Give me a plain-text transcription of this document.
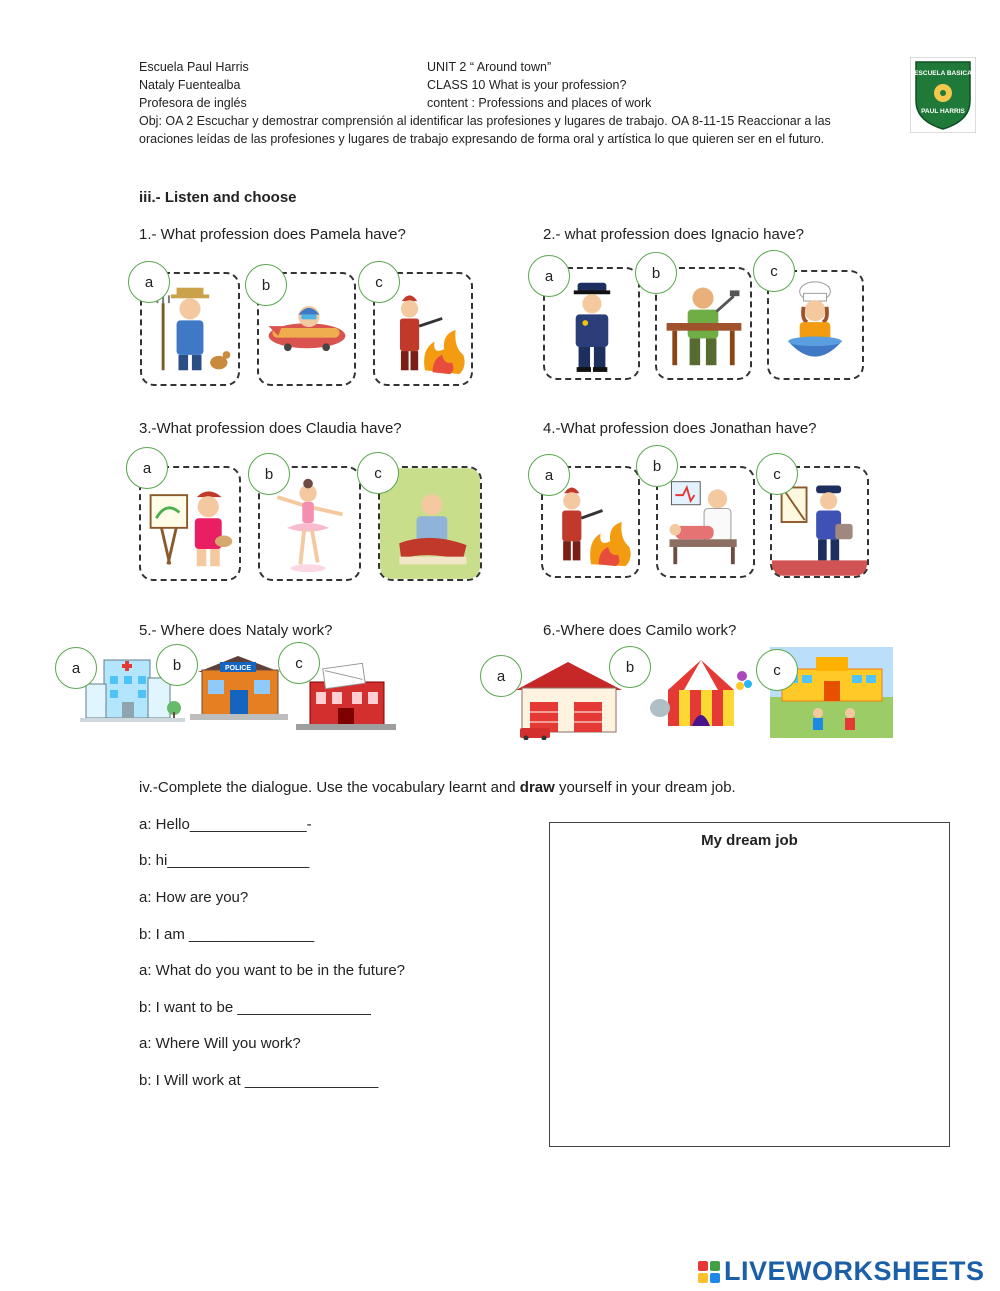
Escuela Paul Harris
Nataly Fuentealba
Profesora de inglés
UNIT 2 “ Around town”
CLASS 10 What is your profession?
content : Professions and places of work
Obj: OA 2 Escuchar y demostrar comprensión al identificar las profesiones y lugares de trabajo. OA 8-11-15 Reaccionar a las oraciones leídas de las profesiones y lugares de trabajo expresando de forma oral y artística lo que quieren ser en el futuro.
ESCUELA BASICA
PAUL HARRIS
iii.- Listen and choose
1.- What profession does Pamela have?
a	b	c
2.- what profession does Ignacio have?
a	b	c
3.-What profession does Claudia have?
a	b	c
4.-What profession does Jonathan have?
a
b	c
5.- Where does Nataly work?
POLICE
a	b	c
6.-Where does Camilo work?
a
b	c
iv.-Complete the dialogue. Use the vocabulary learnt and draw yourself in your dream job.
a: Hello______________-
b: hi_________________
a: How are you?
b: I am _______________
a: What do you want to be in the future?
b: I want to be ________________
a: Where Will you work?
b: I Will work at ________________
My dream job
LIVEWORKSHEETS
